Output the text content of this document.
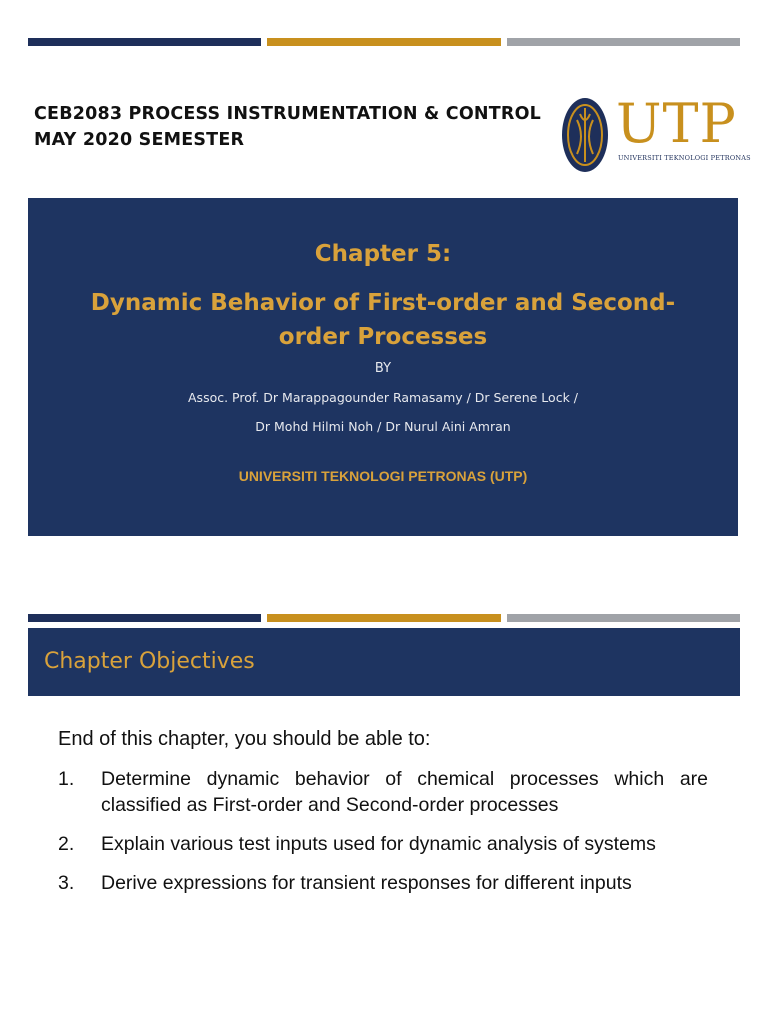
CEB2083 PROCESS INSTRUMENTATION & CONTROL
MAY 2020 SEMESTER	UTP
UNIVERSITI TEKNOLOGI PETRONAS
Chapter 5:
Dynamic Behavior of First-order and Second-order Processes
BY
Assoc. Prof. Dr Marappagounder Ramasamy / Dr Serene Lock /
Dr Mohd Hilmi Noh / Dr Nurul Aini Amran
UNIVERSITI TEKNOLOGI PETRONAS (UTP)
Chapter Objectives
End of this chapter, you should be able to:
1.	Determine dynamic behavior of chemical processes which are classified as First-order and Second-order processes
2.	Explain various test inputs used for dynamic analysis of systems
3.	Derive expressions for transient responses for different inputs
